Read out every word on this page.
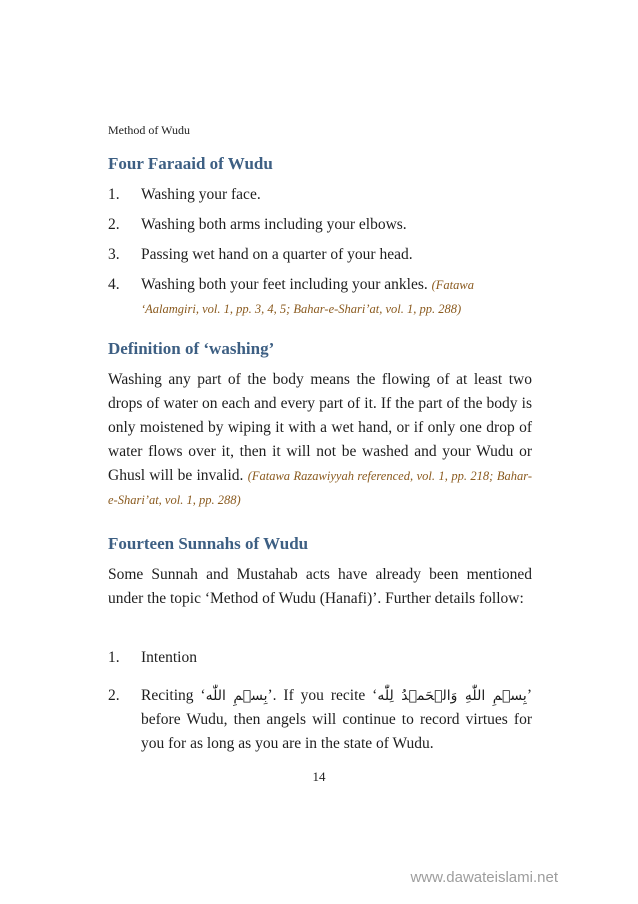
Method of Wudu
Four Faraaid of Wudu
1. Washing your face.
2. Washing both arms including your elbows.
3. Passing wet hand on a quarter of your head.
4. Washing both your feet including your ankles. (Fatawa ‘Aalamgiri, vol. 1, pp. 3, 4, 5; Bahar-e-Shari’at, vol. 1, pp. 288)
Definition of ‘washing’

Washing any part of the body means the flowing of at least two drops of water on each and every part of it. If the part of the body is only moistened by wiping it with a wet hand, or if only one drop of water flows over it, then it will not be washed and your Wudu or Ghusl will be invalid. (Fatawa Razawiyyah referenced, vol. 1, pp. 218; Bahar-e-Shari’at, vol. 1, pp. 288)

Fourteen Sunnahs of Wudu

Some Sunnah and Mustahab acts have already been mentioned under the topic ‘Method of Wudu (Hanafi)’. Further details follow:

1. Intention
2. Reciting ‘بِسۡمِ اللّٰه’. If you recite ‘بِسۡمِ اللّٰهِ وَالۡحَمۡدُ لِلّٰه’ before Wudu, then angels will continue to record virtues for you for as long as you are in the state of Wudu.
14
www.dawateislami.net
